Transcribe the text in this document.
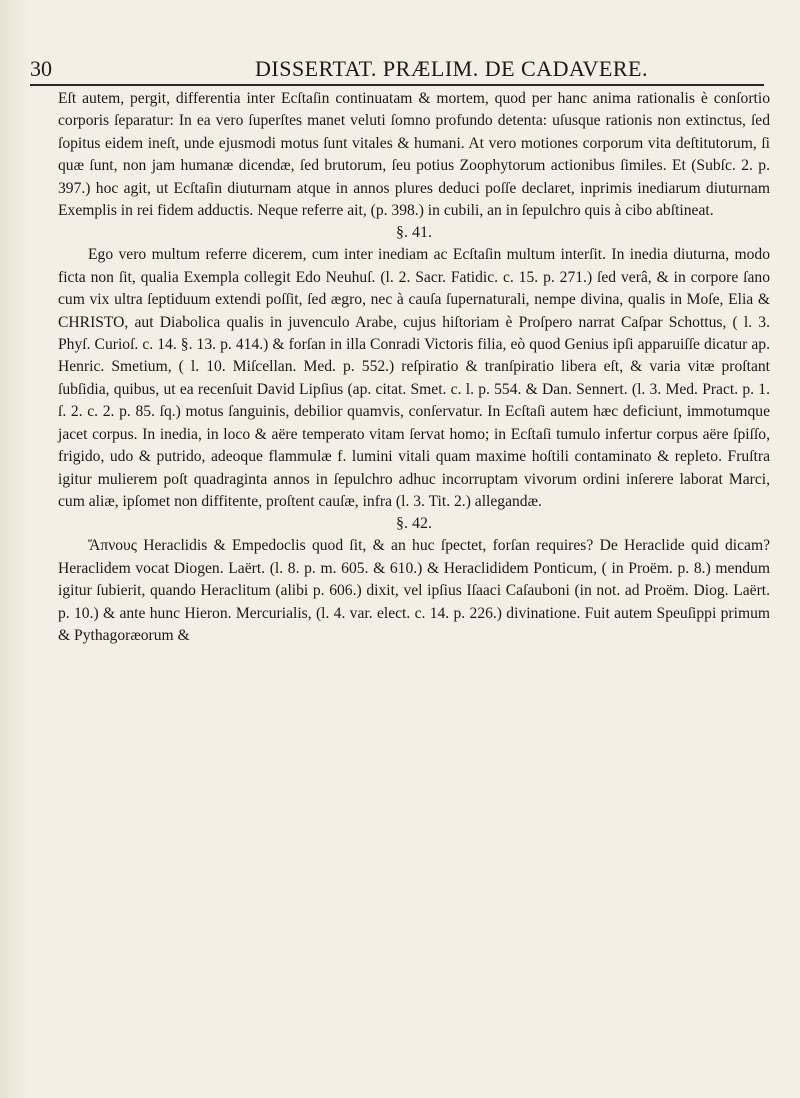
30	DISSERTAT. PRÆLIM. DE CADAVERE.

Eſt autem, pergit, differentia inter Ecſtaſin continuatam & mortem, quod per hanc anima rationalis è conſortio corporis ſeparatur: In ea vero ſuperſtes manet veluti ſomno profundo detenta: uſusque rationis non extinctus, ſed ſopitus eidem ineſt, unde ejusmodi motus ſunt vitales & humani. At vero motiones corporum vita deſtitutorum, ſi quæ ſunt, non jam humanæ dicendæ, ſed brutorum, ſeu potius Zoophytorum actionibus ſimiles. Et (Subſc. 2. p. 397.) hoc agit, ut Ecſtaſin diuturnam atque in annos plures deduci poſſe declaret, inprimis inediarum diuturnam Exemplis in rei fidem adductis. Neque referre ait, (p. 398.) in cubili, an in ſepulchro quis à cibo abſtineat.

§. 41.

Ego vero multum referre dicerem, cum inter inediam ac Ecſtaſin multum interſit. In inedia diuturna, modo ficta non ſit, qualia Exempla collegit Edo Neuhuſ. (l. 2. Sacr. Fatidic. c. 15. p. 271.) ſed verâ, & in corpore ſano cum vix ultra ſeptiduum extendi poſſit, ſed ægro, nec à cauſa ſupernaturali, nempe divina, qualis in Moſe, Elia & CHRISTO, aut Diabolica qualis in juvenculo Arabe, cujus hiſtoriam è Proſpero narrat Caſpar Schottus, ( l. 3. Phyſ. Curioſ. c. 14. §. 13. p. 414.) & forſan in illa Conradi Victoris filia, eò quod Genius ipſi apparuiſſe dicatur ap. Henric. Smetium, ( l. 10. Miſcellan. Med. p. 552.) reſpiratio & tranſpiratio libera eſt, & varia vitæ proſtant ſubſidia, quibus, ut ea recenſuit David Lipſius (ap. citat. Smet. c. l. p. 554. & Dan. Sennert. (l. 3. Med. Pract. p. 1. ſ. 2. c. 2. p. 85. ſq.) motus ſanguinis, debilior quamvis, conſervatur. In Ecſtaſi autem hæc deficiunt, immotumque jacet corpus. In inedia, in loco & aëre temperato vitam ſervat homo; in Ecſtaſi tumulo infertur corpus aëre ſpiſſo, frigido, udo & putrido, adeoque flammulæ f. lumini vitali quam maxime hoſtili contaminato & repleto. Fruſtra igitur mulierem poſt quadraginta annos in ſepulchro adhuc incorruptam vivorum ordini inſerere laborat Marci, cum aliæ, ipſomet non diffitente, proſtent cauſæ, infra (l. 3. Tit. 2.) allegandæ.

§. 42.

Ἄπνους Heraclidis & Empedoclis quod ſit, & an huc ſpectet, forſan requires? De Heraclide quid dicam? Heraclidem vocat Diogen. Laërt. (l. 8. p. m. 605. & 610.) & Heraclididem Ponticum, ( in Proëm. p. 8.) mendum igitur ſubierit, quando Heraclitum (alibi p. 606.) dixit, vel ipſius Iſaaci Caſauboni (in not. ad Proëm. Diog. Laërt. p. 10.) & ante hunc Hieron. Mercurialis, (l. 4. var. elect. c. 14. p. 226.) divinatione. Fuit autem Speuſippi primum & Pythagoræorum &
